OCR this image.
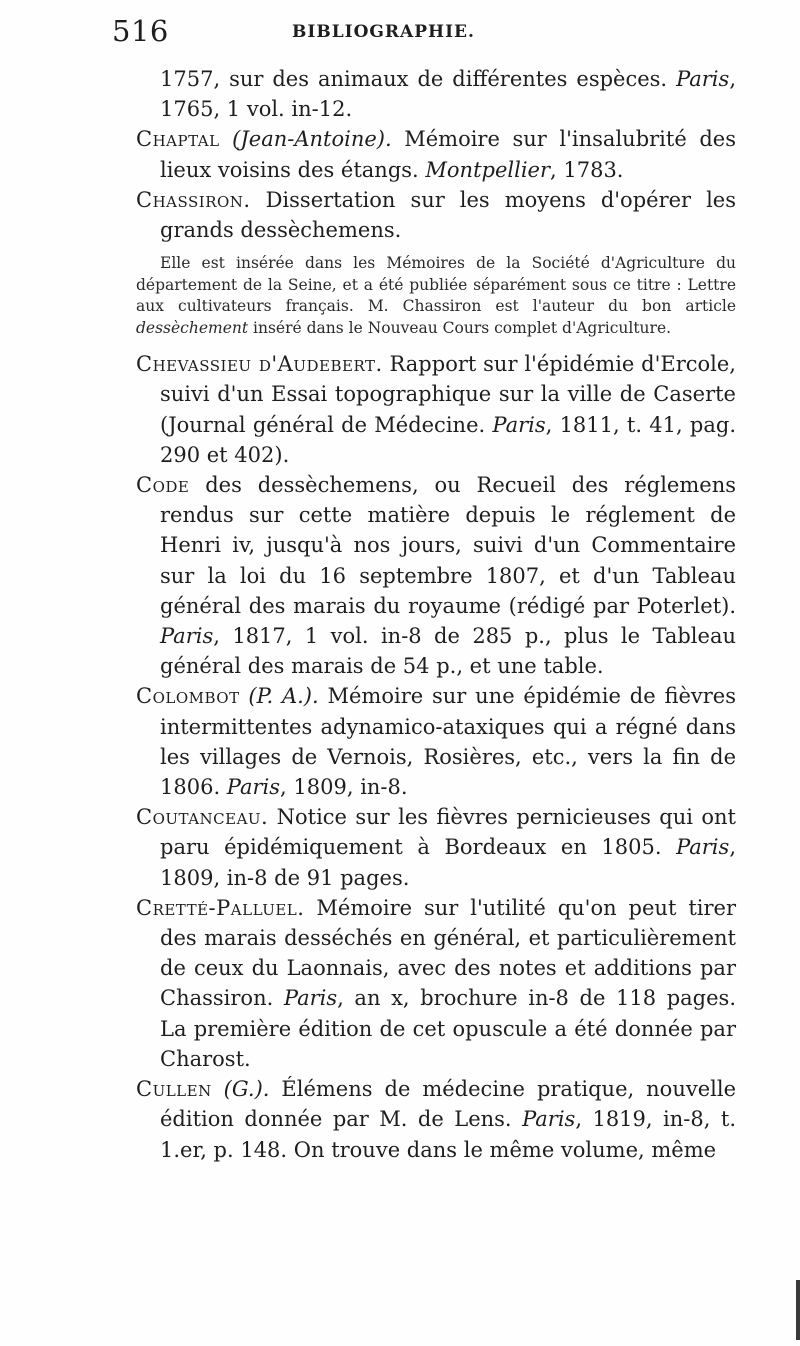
516	BIBLIOGRAPHIE.

1757, sur des animaux de différentes espèces. Paris, 1765, 1 vol. in-12.

Chaptal (Jean-Antoine). Mémoire sur l'insalubrité des lieux voisins des étangs. Montpellier, 1783.

Chassiron. Dissertation sur les moyens d'opérer les grands dessèchemens.

Elle est insérée dans les Mémoires de la Société d'Agriculture du département de la Seine, et a été publiée séparément sous ce titre : Lettre aux cultivateurs français. M. Chassiron est l'auteur du bon article dessèchement inséré dans le Nouveau Cours complet d'Agriculture.

Chevassieu d'Audebert. Rapport sur l'épidémie d'Ercole, suivi d'un Essai topographique sur la ville de Caserte (Journal général de Médecine. Paris, 1811, t. 41, pag. 290 et 402).

Code des dessèchemens, ou Recueil des réglemens rendus sur cette matière depuis le réglement de Henri iv, jusqu'à nos jours, suivi d'un Commentaire sur la loi du 16 septembre 1807, et d'un Tableau général des marais du royaume (rédigé par Poterlet). Paris, 1817, 1 vol. in-8 de 285 p., plus le Tableau général des marais de 54 p., et une table.

Colombot (P. A.). Mémoire sur une épidémie de fièvres intermittentes adynamico-ataxiques qui a régné dans les villages de Vernois, Rosières, etc., vers la fin de 1806. Paris, 1809, in-8.

Coutanceau. Notice sur les fièvres pernicieuses qui ont paru épidémiquement à Bordeaux en 1805. Paris, 1809, in-8 de 91 pages.

Cretté-Palluel. Mémoire sur l'utilité qu'on peut tirer des marais desséchés en général, et particulièrement de ceux du Laonnais, avec des notes et additions par Chassiron. Paris, an x, brochure in-8 de 118 pages. La première édition de cet opuscule a été donnée par Charost.

Cullen (G.). Élémens de médecine pratique, nouvelle édition donnée par M. de Lens. Paris, 1819, in-8, t. 1.er, p. 148. On trouve dans le même volume, même
